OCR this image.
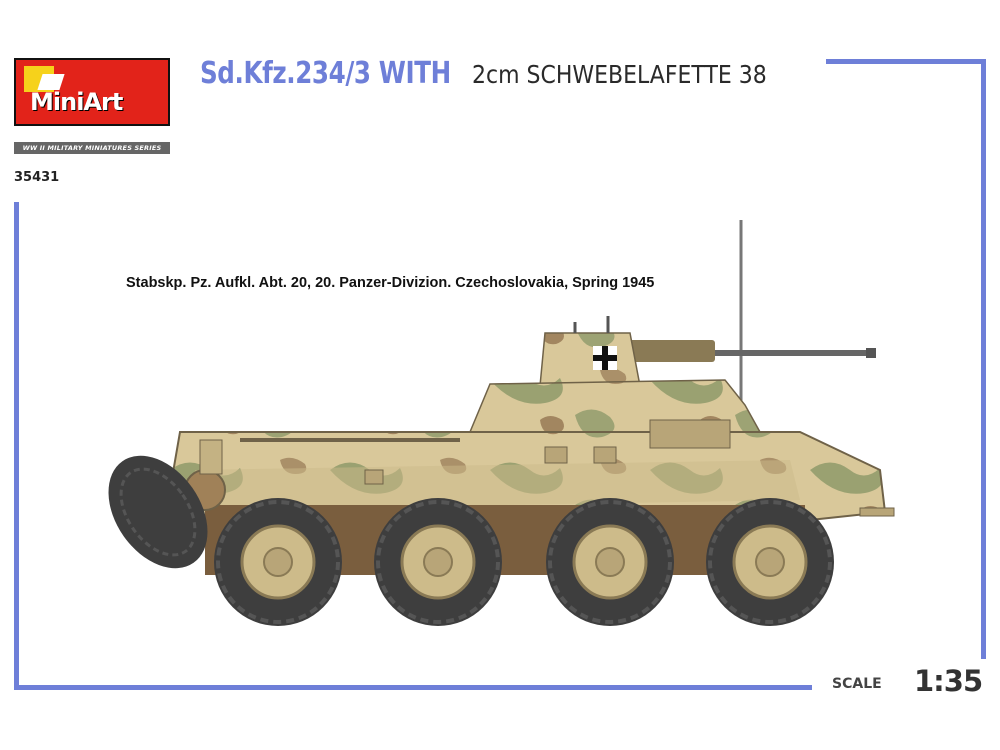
MiniArt
WW II MILITARY MINIATURES SERIES
35431
Sd.Kfz.234/3 WITH 2cm SCHWEBELAFETTE 38
Stabskp. Pz. Aufkl. Abt. 20, 20. Panzer-Divizion. Czechoslovakia, Spring 1945
SCALE 1:35
